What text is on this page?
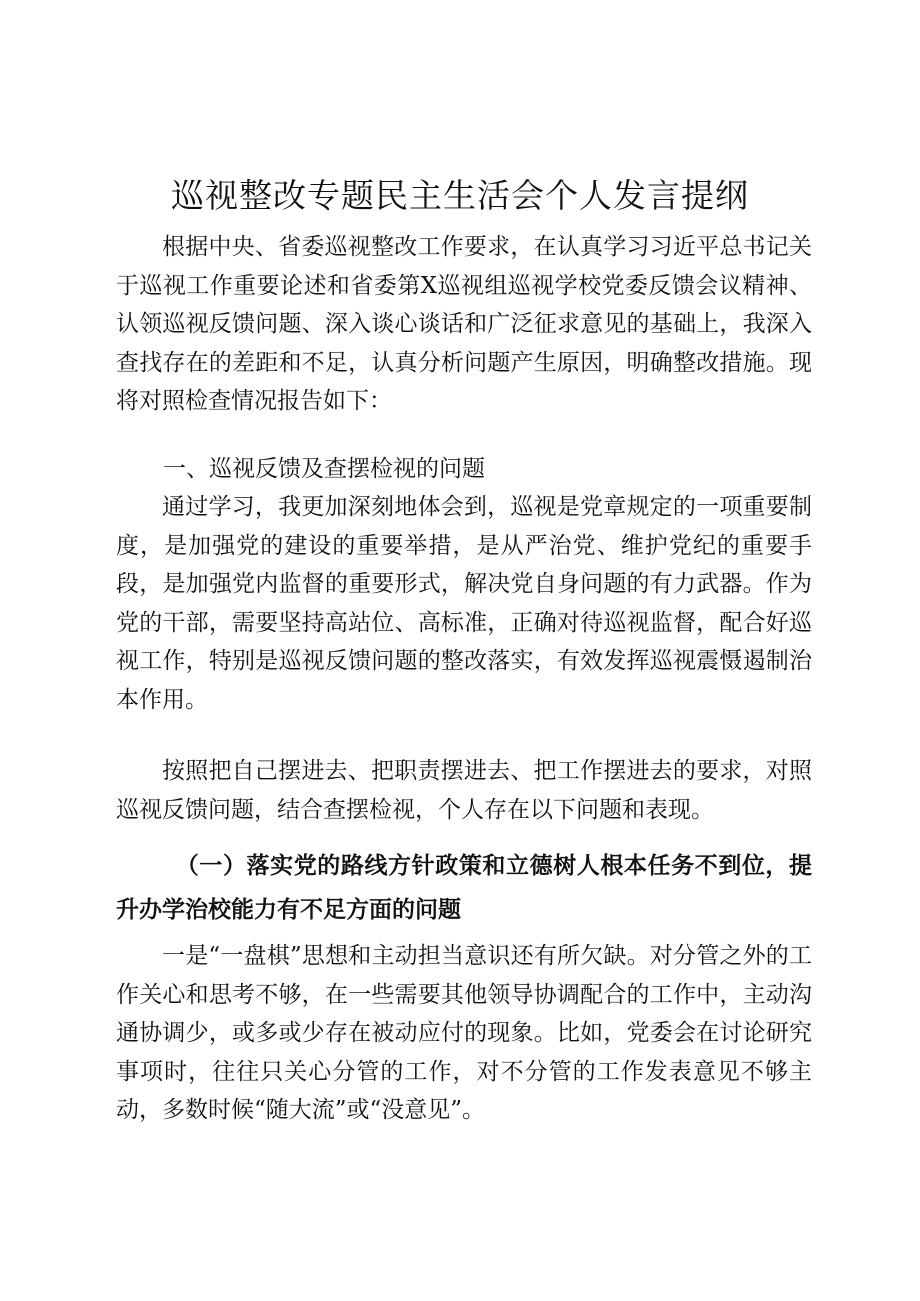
巡视整改专题民主生活会个人发言提纲

根据中央、省委巡视整改工作要求，在认真学习习近平总书记关于巡视工作重要论述和省委第Ⅹ巡视组巡视学校党委反馈会议精神、认领巡视反馈问题、深入谈心谈话和广泛征求意见的基础上，我深入查找存在的差距和不足，认真分析问题产生原因，明确整改措施。现将对照检查情况报告如下：

一、巡视反馈及查摆检视的问题

通过学习，我更加深刻地体会到，巡视是党章规定的一项重要制度，是加强党的建设的重要举措，是从严治党、维护党纪的重要手段，是加强党内监督的重要形式，解决党自身问题的有力武器。作为党的干部，需要坚持高站位、高标准，正确对待巡视监督，配合好巡视工作，特别是巡视反馈问题的整改落实，有效发挥巡视震慑遏制治本作用。

按照把自己摆进去、把职责摆进去、把工作摆进去的要求，对照巡视反馈问题，结合查摆检视，个人存在以下问题和表现。

（一）落实党的路线方针政策和立德树人根本任务不到位，提升办学治校能力有不足方面的问题

一是“一盘棋”思想和主动担当意识还有所欠缺。对分管之外的工作关心和思考不够，在一些需要其他领导协调配合的工作中，主动沟通协调少，或多或少存在被动应付的现象。比如，党委会在讨论研究事项时，往往只关心分管的工作，对不分管的工作发表意见不够主动，多数时候“随大流”或“没意见”。
